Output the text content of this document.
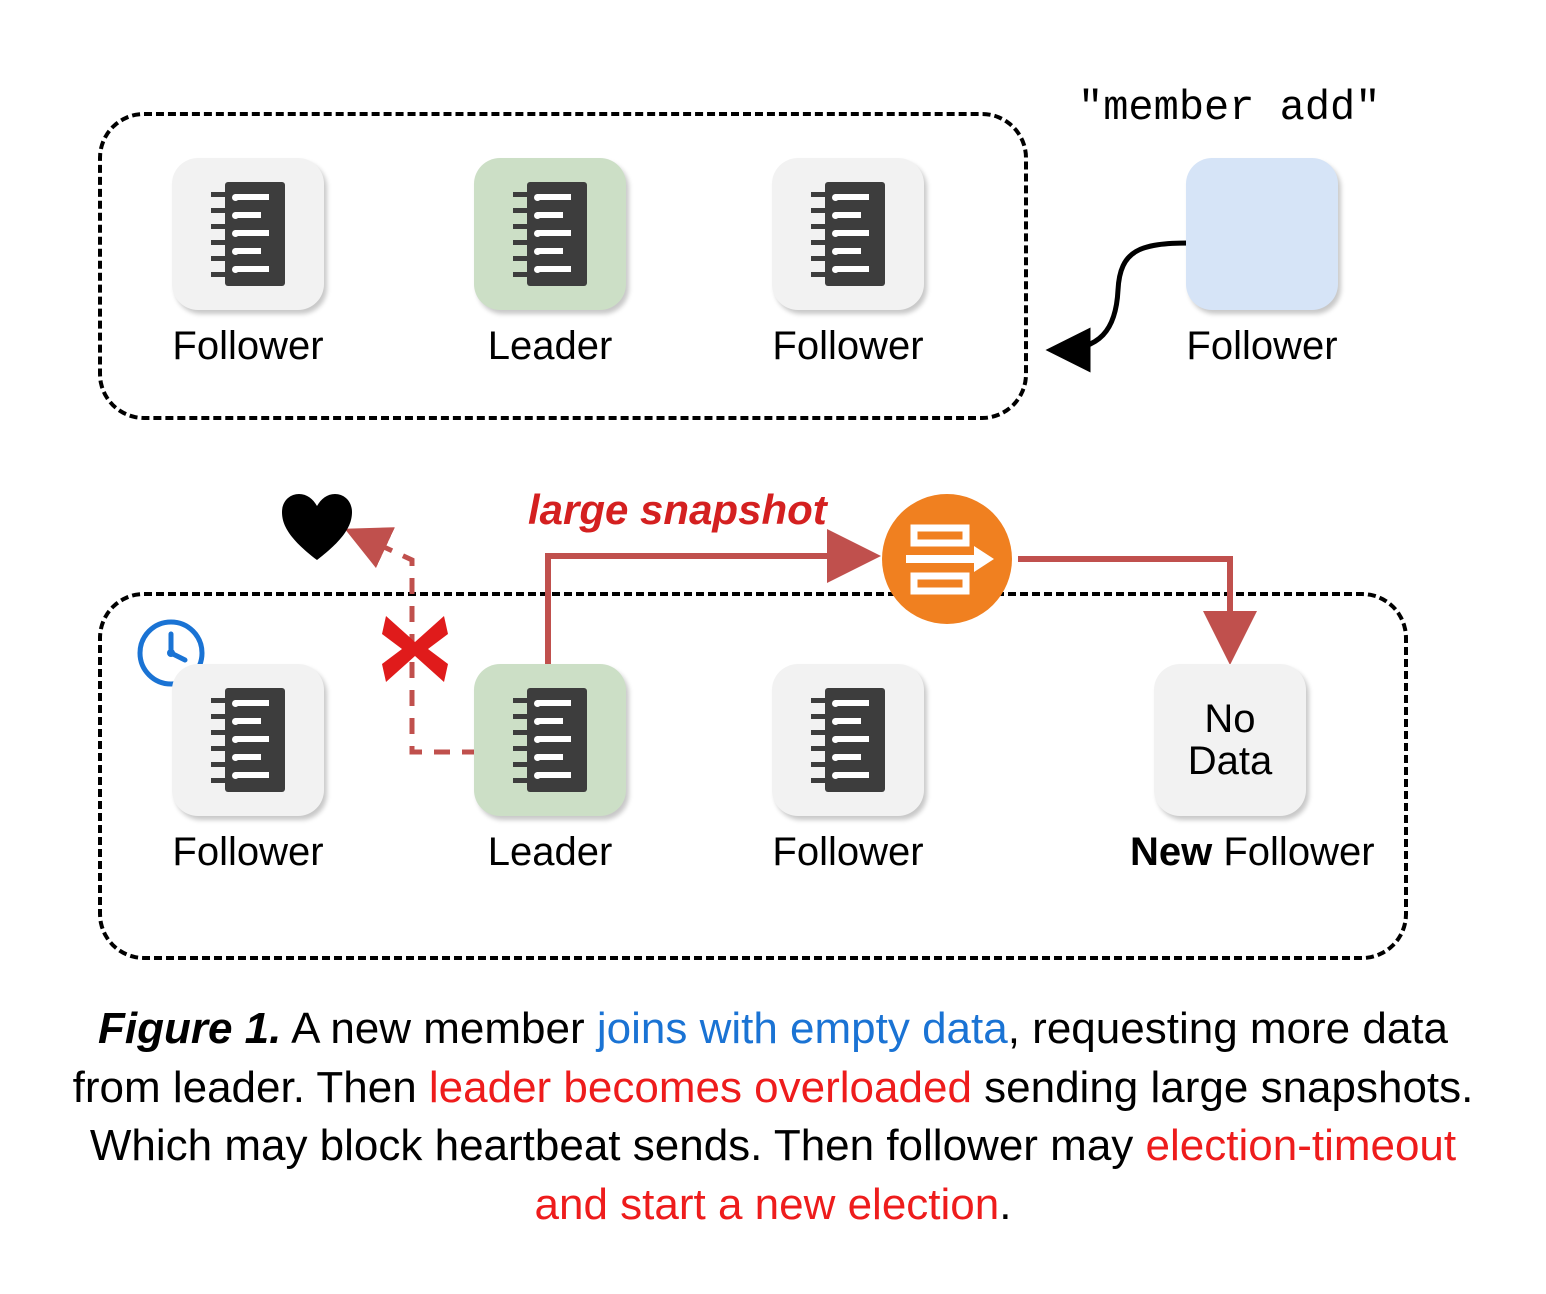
"member add"
Follower	Leader	Follower	Follower
large snapshot
Follower	Leader	Follower
No
Data
New Follower
Figure 1. A new member joins with empty data, requesting more data from leader. Then leader becomes overloaded sending large snapshots. Which may block heartbeat sends. Then follower may election-timeout and start a new election.
